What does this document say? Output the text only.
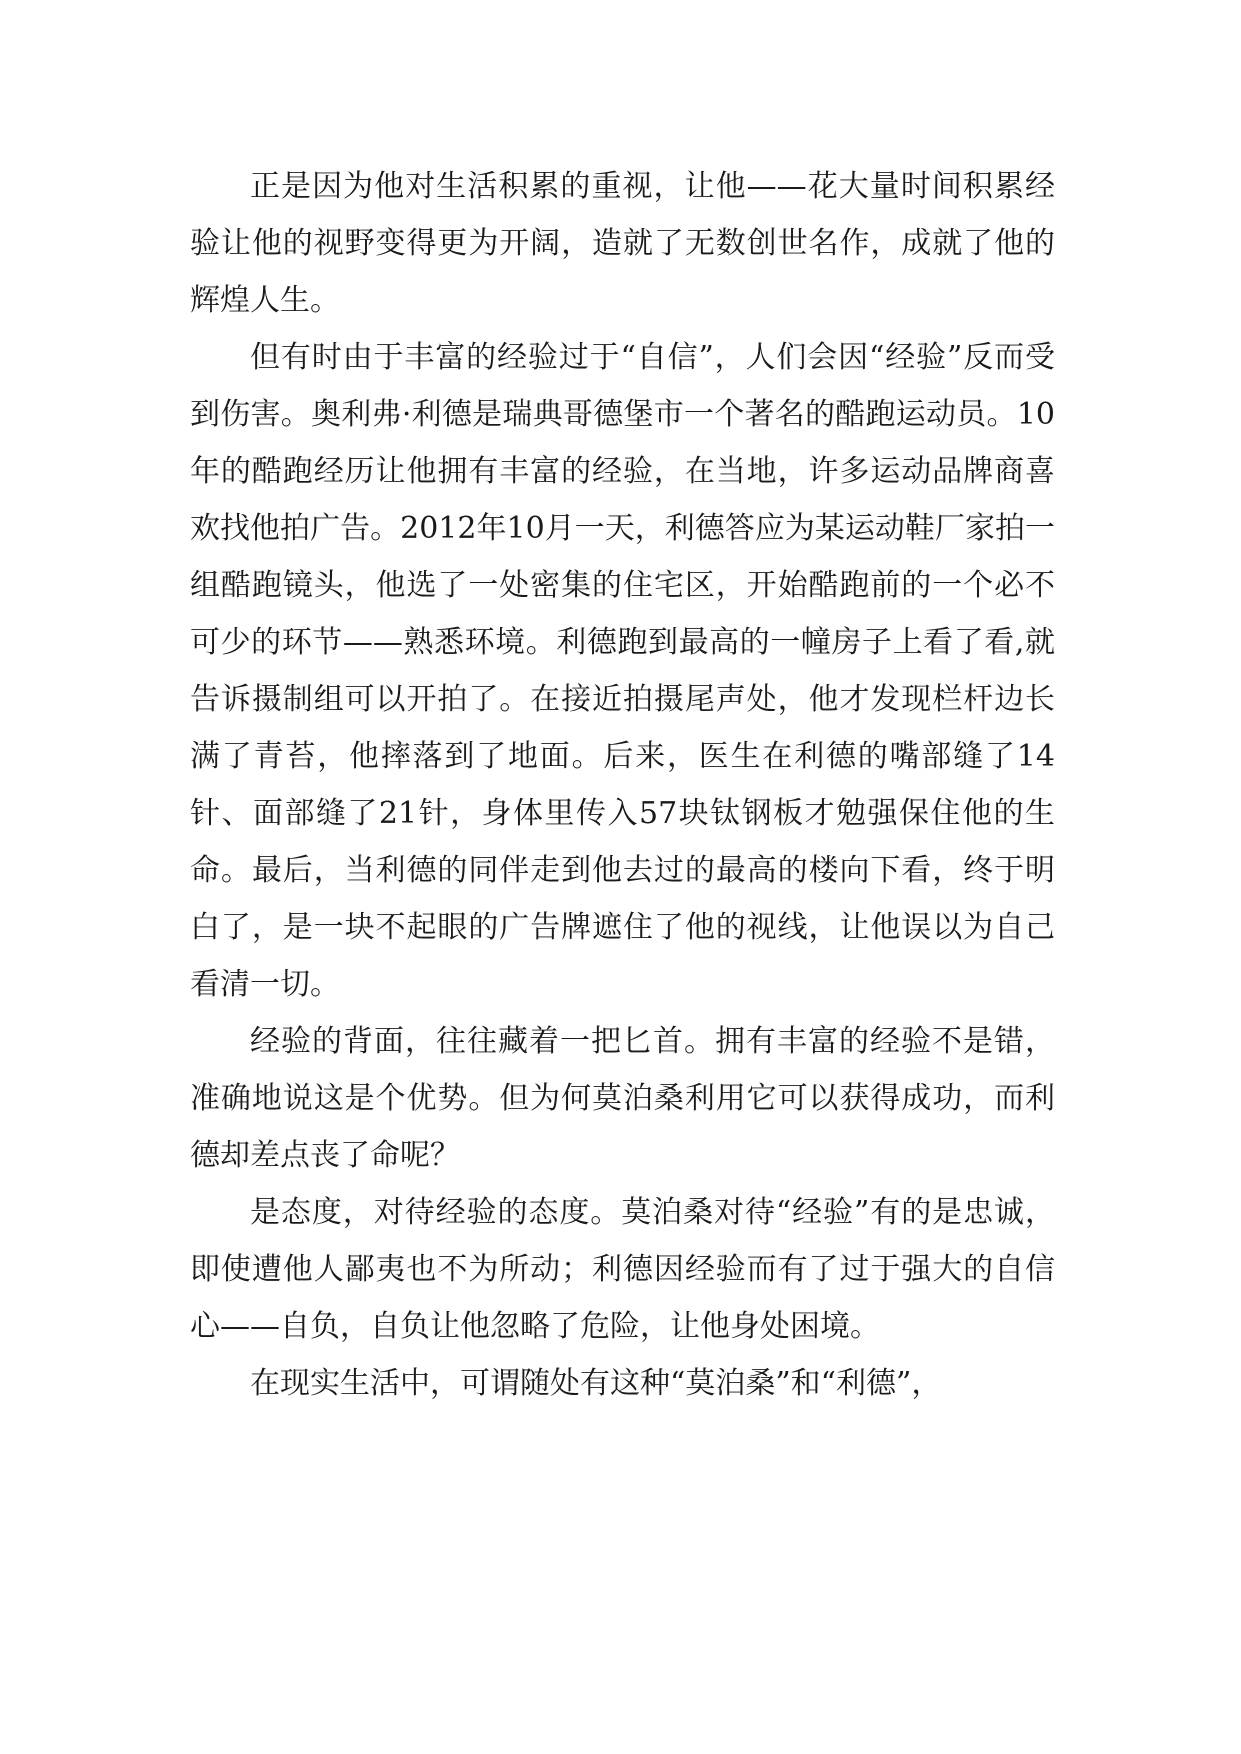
正是因为他对生活积累的重视，让他——花大量时间积累经验让他的视野变得更为开阔，造就了无数创世名作，成就了他的辉煌人生。

但有时由于丰富的经验过于“自信”，人们会因“经验”反而受到伤害。奥利弗·利德是瑞典哥德堡市一个著名的酷跑运动员。10年的酷跑经历让他拥有丰富的经验，在当地，许多运动品牌商喜欢找他拍广告。2012年10月一天，利德答应为某运动鞋厂家拍一组酷跑镜头，他选了一处密集的住宅区，开始酷跑前的一个必不可少的环节——熟悉环境。利德跑到最高的一幢房子上看了看,就告诉摄制组可以开拍了。在接近拍摄尾声处，他才发现栏杆边长满了青苔，他摔落到了地面。后来，医生在利德的嘴部缝了14针、面部缝了21针，身体里传入57块钛钢板才勉强保住他的生命。最后，当利德的同伴走到他去过的最高的楼向下看，终于明白了，是一块不起眼的广告牌遮住了他的视线，让他误以为自己看清一切。

经验的背面，往往藏着一把匕首。拥有丰富的经验不是错，准确地说这是个优势。但为何莫泊桑利用它可以获得成功，而利德却差点丧了命呢？

是态度，对待经验的态度。莫泊桑对待“经验”有的是忠诚，即使遭他人鄙夷也不为所动；利德因经验而有了过于强大的自信心——自负，自负让他忽略了危险，让他身处困境。

在现实生活中，可谓随处有这种“莫泊桑”和“利德”，
